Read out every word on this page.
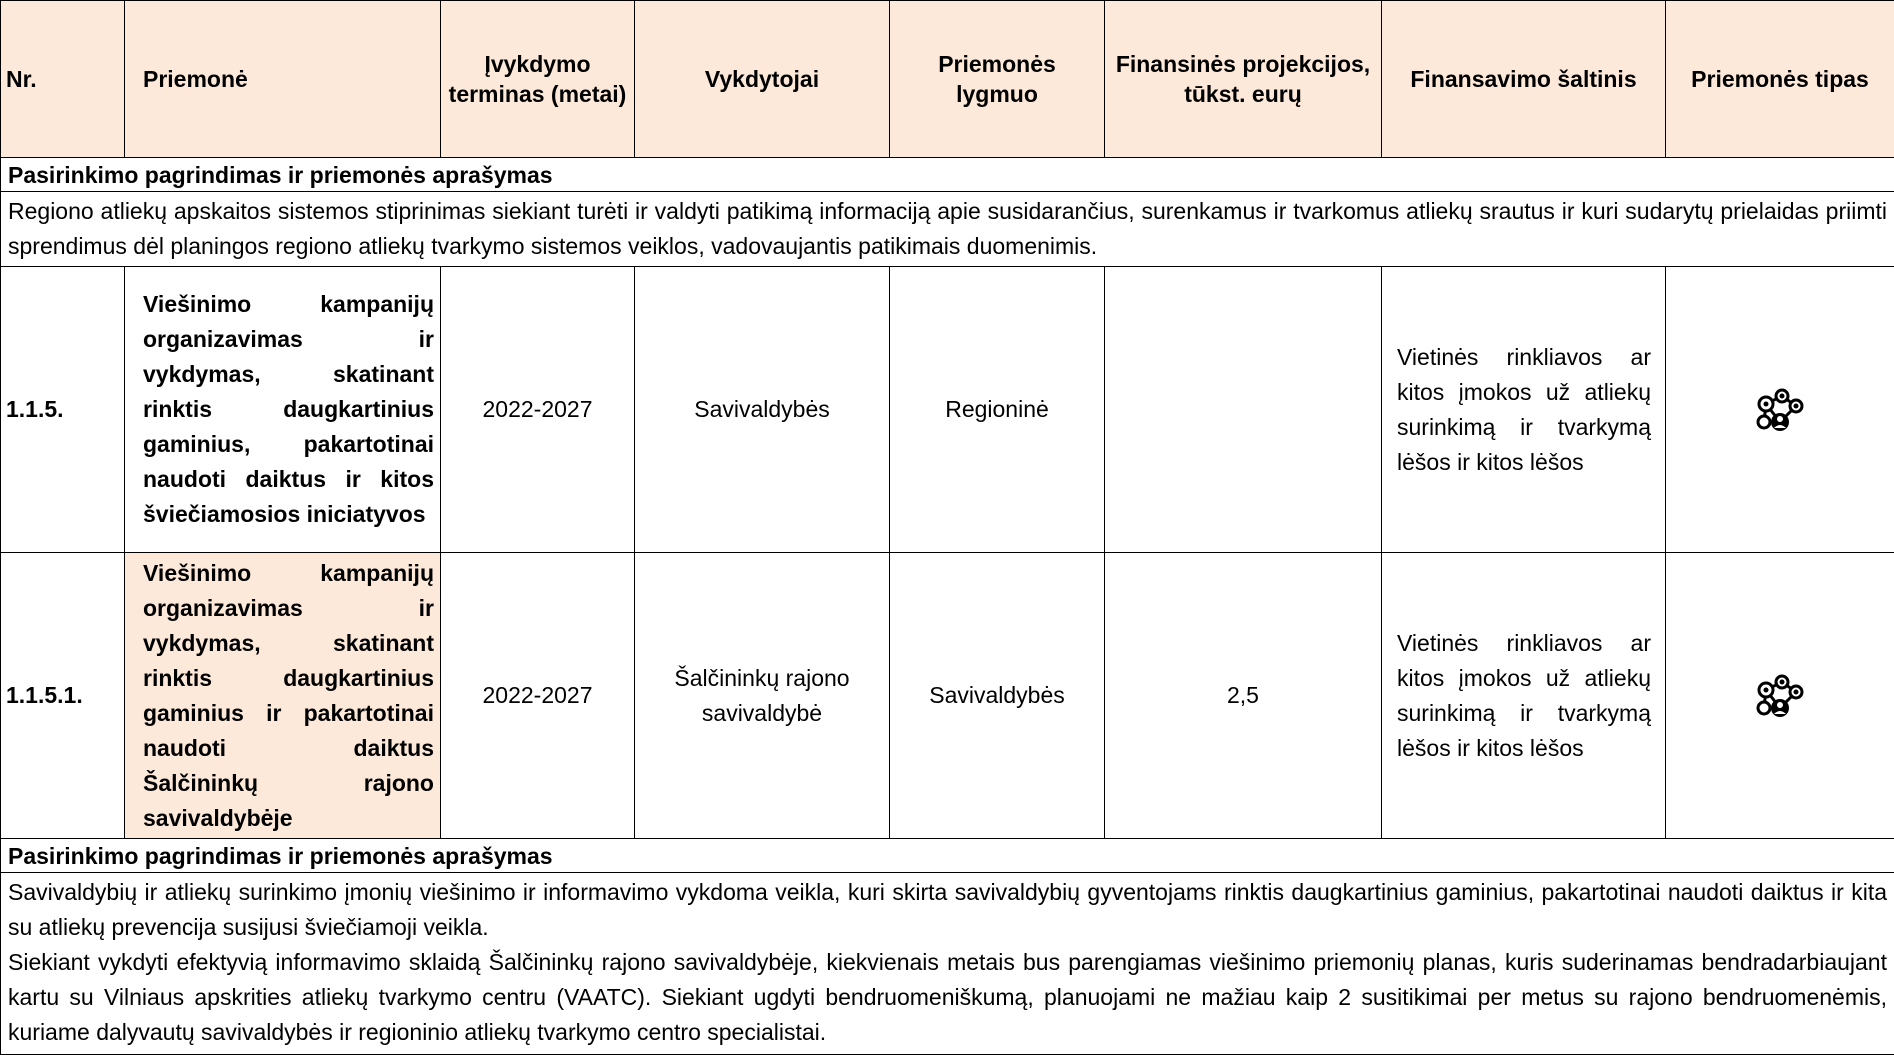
Nr.	Priemonė	Įvykdymo terminas (metai)	Vykdytojai	Priemonės lygmuo	Finansinės projekcijos, tūkst. eurų	Finansavimo šaltinis	Priemonės tipas
Pasirinkimo pagrindimas ir priemonės aprašymas							
Regiono atliekų apskaitos sistemos stiprinimas siekiant turėti ir valdyti patikimą informaciją apie susidarančius, surenkamus ir tvarkomus atliekų srautus ir kuri sudarytų prielaidas priimti sprendimus dėl planingos regiono atliekų tvarkymo sistemos veiklos, vadovaujantis patikimais duomenimis.							
1.1.5.	Viešinimo kampanijų organizavimas ir vykdymas, skatinant rinktis daugkartinius gaminius, pakartotinai naudoti daiktus ir kitos šviečiamosios iniciatyvos	2022-2027	Savivaldybės	Regioninė		Vietinės rinkliavos ar kitos įmokos už atliekų surinkimą ir tvarkymą lėšos ir kitos lėšos	
1.1.5.1.	Viešinimo kampanijų organizavimas ir vykdymas, skatinant rinktis daugkartinius gaminius ir pakartotinai naudoti daiktus Šalčininkų rajono savivaldybėje	2022-2027	Šalčininkų rajono savivaldybė	Savivaldybės	2,5	Vietinės rinkliavos ar kitos įmokos už atliekų surinkimą ir tvarkymą lėšos ir kitos lėšos	
Pasirinkimo pagrindimas ir priemonės aprašymas							

Savivaldybių ir atliekų surinkimo įmonių viešinimo ir informavimo vykdoma veikla, kuri skirta savivaldybių gyventojams rinktis daugkartinius gaminius, pakartotinai naudoti daiktus ir kita su atliekų prevencija susijusi šviečiamoji veikla.

Siekiant vykdyti efektyvią informavimo sklaidą Šalčininkų rajono savivaldybėje, kiekvienais metais bus parengiamas viešinimo priemonių planas, kuris suderinamas bendradarbiaujant kartu su Vilniaus apskrities atliekų tvarkymo centru (VAATC). Siekiant ugdyti bendruomeniškumą, planuojami ne mažiau kaip 2 susitikimai per metus su rajono bendruomenėmis, kuriame dalyvautų savivaldybės ir regioninio atliekų tvarkymo centro specialistai.							
